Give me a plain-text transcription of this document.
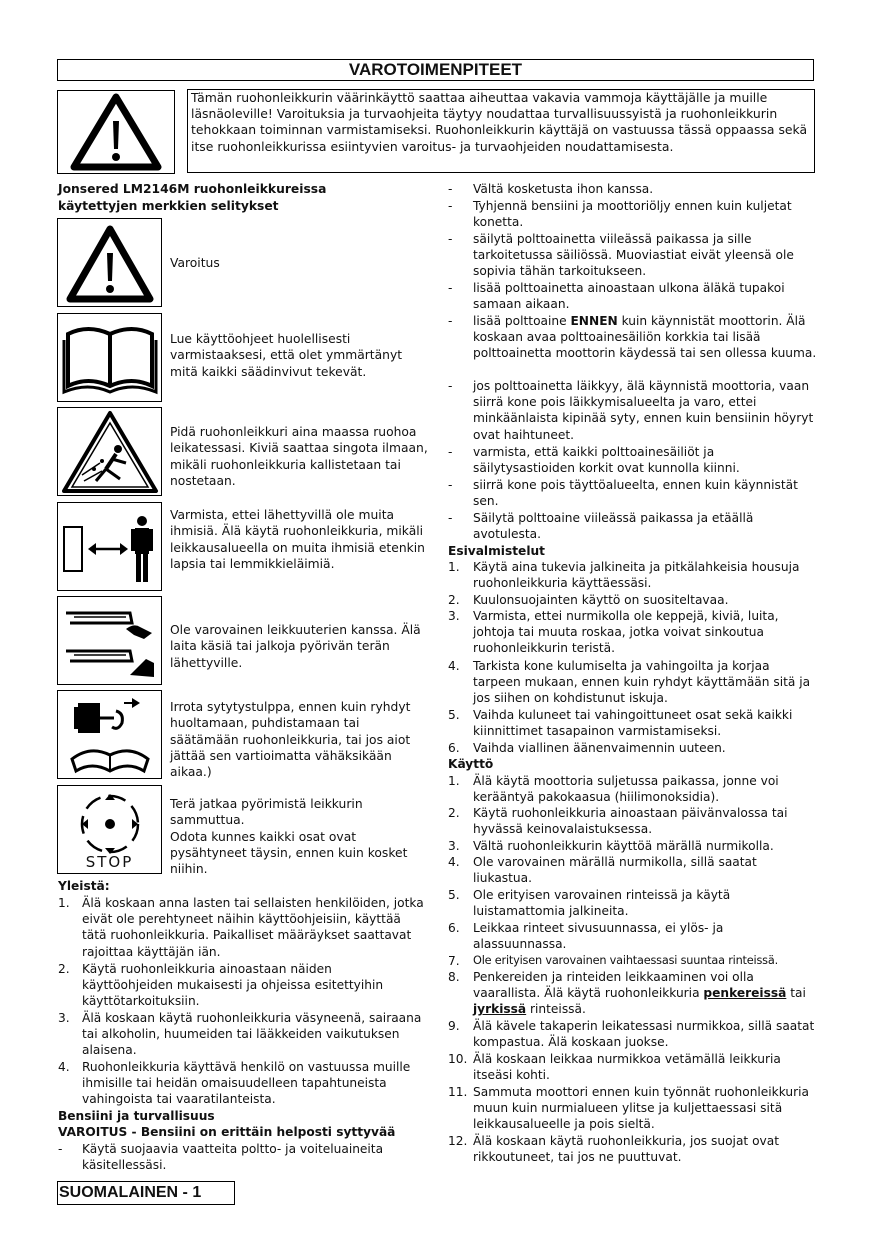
VAROTOIMENPITEET
Tämän ruohonleikkurin väärinkäyttö saattaa aiheuttaa vakavia vammoja käyttäjälle ja muille läsnäoleville! Varoituksia ja turvaohjeita täytyy noudattaa turvallisuussyistä ja ruohonleikkurin tehokkaan toiminnan varmistamiseksi. Ruohonleikkurin käyttäjä on vastuussa tässä oppaassa sekä itse ruohonleikkurissa esiintyvien varoitus- ja turvaohjeiden noudattamisesta.
Jonsered LM2146M ruohonleikkureissa käytettyjen merkkien selitykset
Varoitus
Lue käyttöohjeet huolellisesti varmistaaksesi, että olet ymmärtänyt mitä kaikki säädinvivut tekevät.
Pidä ruohonleikkuri aina maassa ruohoa leikatessasi. Kiviä saattaa singota ilmaan, mikäli ruohonleikkuria kallistetaan tai nostetaan.
Varmista, ettei lähettyvillä ole muita ihmisiä. Älä käytä ruohonleikkuria, mikäli leikkausalueella on muita ihmisiä etenkin lapsia tai lemmikkieläimiä.
Ole varovainen leikkuuterien kanssa. Älä laita käsiä tai jalkoja pyörivän terän lähettyville.
Irrota sytytystulppa, ennen kuin ryhdyt huoltamaan, puhdistamaan tai säätämään ruohonleikkuria, tai jos aiot jättää sen vartioimatta vähäksikään aikaa.)
STOP
Terä jatkaa pyörimistä leikkurin sammuttua.
Odota kunnes kaikki osat ovat pysähtyneet täysin, ennen kuin kosket niihin.
Yleistä:
1. Älä koskaan anna lasten tai sellaisten henkilöiden, jotka eivät ole perehtyneet näihin käyttöohjeisiin, käyttää tätä ruohonleikkuria. Paikalliset määräykset saattavat rajoittaa käyttäjän iän.
2. Käytä ruohonleikkuria ainoastaan näiden käyttöohjeiden mukaisesti ja ohjeissa esitettyihin käyttötarkoituksiin.
3. Älä koskaan käytä ruohonleikkuria väsyneenä, sairaana tai alkoholin, huumeiden tai lääkkeiden vaikutuksen alaisena.
4. Ruohonleikkuria käyttävä henkilö on vastuussa muille ihmisille tai heidän omaisuudelleen tapahtuneista vahingoista tai vaaratilanteista.
Bensiini ja turvallisuus
VAROITUS - Bensiini on erittäin helposti syttyvää
- Käytä suojaavia vaatteita poltto- ja voiteluaineita käsitellessäsi.
- Vältä kosketusta ihon kanssa.
- Tyhjennä bensiini ja moottoriöljy ennen kuin kuljetat konetta.
- säilytä polttoainetta viileässä paikassa ja sille tarkoitetussa säiliössä. Muoviastiat eivät yleensä ole sopivia tähän tarkoitukseen.
- lisää polttoainetta ainoastaan ulkona äläkä tupakoi samaan aikaan.
- lisää polttoaine ENNEN kuin käynnistät moottorin. Älä koskaan avaa polttoainesäiliön korkkia tai lisää polttoainetta moottorin käydessä tai sen ollessa kuuma.
- jos polttoainetta läikkyy, älä käynnistä moottoria, vaan siirrä kone pois läikkymisalueelta ja varo, ettei minkäänlaista kipinää syty, ennen kuin bensiinin höyryt ovat haihtuneet.
- varmista, että kaikki polttoainesäiliöt ja säilytysastioiden korkit ovat kunnolla kiinni.
- siirrä kone pois täyttöalueelta, ennen kuin käynnistät sen.
- Säilytä polttoaine viileässä paikassa ja etäällä avotulesta.
Esivalmistelut
1. Käytä aina tukevia jalkineita ja pitkälahkeisia housuja ruohonleikkuria käyttäessäsi.
2. Kuulonsuojainten käyttö on suositeltavaa.
3. Varmista, ettei nurmikolla ole keppejä, kiviä, luita, johtoja tai muuta roskaa, jotka voivat sinkoutua ruohonleikkurin teristä.
4. Tarkista kone kulumiselta ja vahingoilta ja korjaa tarpeen mukaan, ennen kuin ryhdyt käyttämään sitä ja jos siihen on kohdistunut iskuja.
5. Vaihda kuluneet tai vahingoittuneet osat sekä kaikki kiinnittimet tasapainon varmistamiseksi.
6. Vaihda viallinen äänenvaimennin uuteen.
Käyttö
1. Älä käytä moottoria suljetussa paikassa, jonne voi kerääntyä pakokaasua (hiilimonoksidia).
2. Käytä ruohonleikkuria ainoastaan päivänvalossa tai hyvässä keinovalaistuksessa.
3. Vältä ruohonleikkurin käyttöä märällä nurmikolla.
4. Ole varovainen märällä nurmikolla, sillä saatat liukastua.
5. Ole erityisen varovainen rinteissä ja käytä luistamattomia jalkineita.
6. Leikkaa rinteet sivusuunnassa, ei ylös- ja alassuunnassa.
7. Ole erityisen varovainen vaihtaessasi suuntaa rinteissä.
8. Penkereiden ja rinteiden leikkaaminen voi olla vaarallista. Älä käytä ruohonleikkuria penkereissä tai jyrkissä rinteissä.
9. Älä kävele takaperin leikatessasi nurmikkoa, sillä saatat kompastua. Älä koskaan juokse.
10. Älä koskaan leikkaa nurmikkoa vetämällä leikkuria itseäsi kohti.
11. Sammuta moottori ennen kuin työnnät ruohonleikkuria muun kuin nurmialueen ylitse ja kuljettaessasi sitä leikkausalueelle ja pois sieltä.
12. Älä koskaan käytä ruohonleikkuria, jos suojat ovat rikkoutuneet, tai jos ne puuttuvat.
SUOMALAINEN - 1
